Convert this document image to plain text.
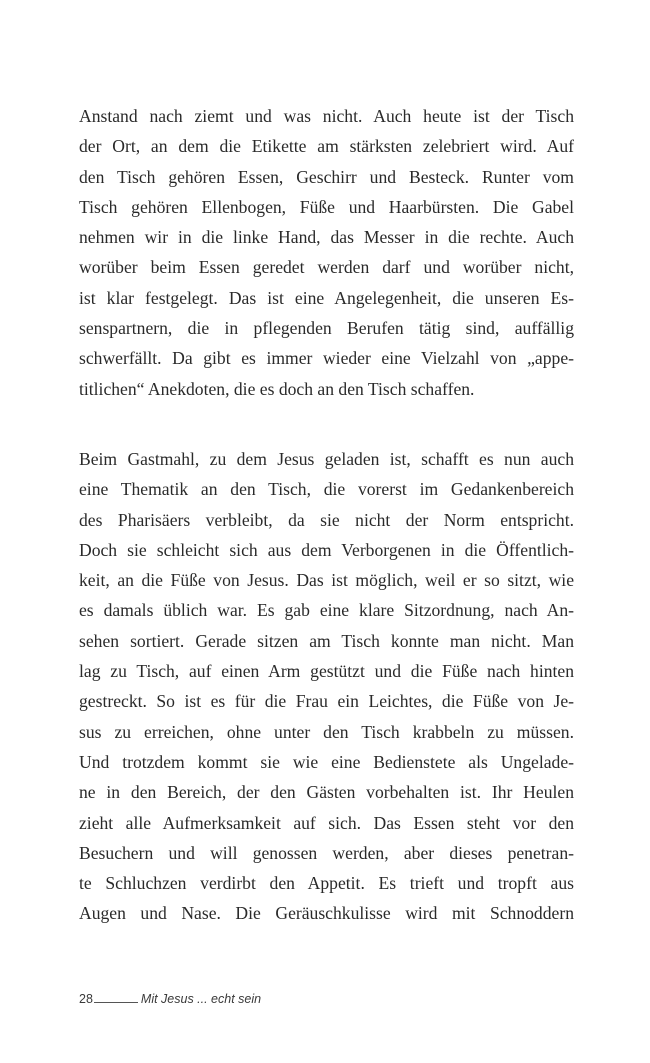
Anstand nach ziemt und was nicht. Auch heute ist der Tisch
der Ort, an dem die Etikette am stärksten zelebriert wird. Auf
den Tisch gehören Essen, Geschirr und Besteck. Runter vom
Tisch gehören Ellenbogen, Füße und Haarbürsten. Die Gabel
nehmen wir in die linke Hand, das Messer in die rechte. Auch
worüber beim Essen geredet werden darf und worüber nicht,
ist klar festgelegt. Das ist eine Angelegenheit, die unseren Es-
senspartnern, die in pflegenden Berufen tätig sind, auffällig
schwerfällt. Da gibt es immer wieder eine Vielzahl von „appe-
titlichen“ Anekdoten, die es doch an den Tisch schaffen.
Beim Gastmahl, zu dem Jesus geladen ist, schafft es nun auch
eine Thematik an den Tisch, die vorerst im Gedankenbereich
des Pharisäers verbleibt, da sie nicht der Norm entspricht.
Doch sie schleicht sich aus dem Verborgenen in die Öffentlich-
keit, an die Füße von Jesus. Das ist möglich, weil er so sitzt, wie
es damals üblich war. Es gab eine klare Sitzordnung, nach An-
sehen sortiert. Gerade sitzen am Tisch konnte man nicht. Man
lag zu Tisch, auf einen Arm gestützt und die Füße nach hinten
gestreckt. So ist es für die Frau ein Leichtes, die Füße von Je-
sus zu erreichen, ohne unter den Tisch krabbeln zu müssen.
Und trotzdem kommt sie wie eine Bedienstete als Ungelade-
ne in den Bereich, der den Gästen vorbehalten ist. Ihr Heulen
zieht alle Aufmerksamkeit auf sich. Das Essen steht vor den
Besuchern und will genossen werden, aber dieses penetran-
te Schluchzen verdirbt den Appetit. Es trieft und tropft aus
Augen und Nase. Die Geräuschkulisse wird mit Schnoddern
28	Mit Jesus ... echt sein
